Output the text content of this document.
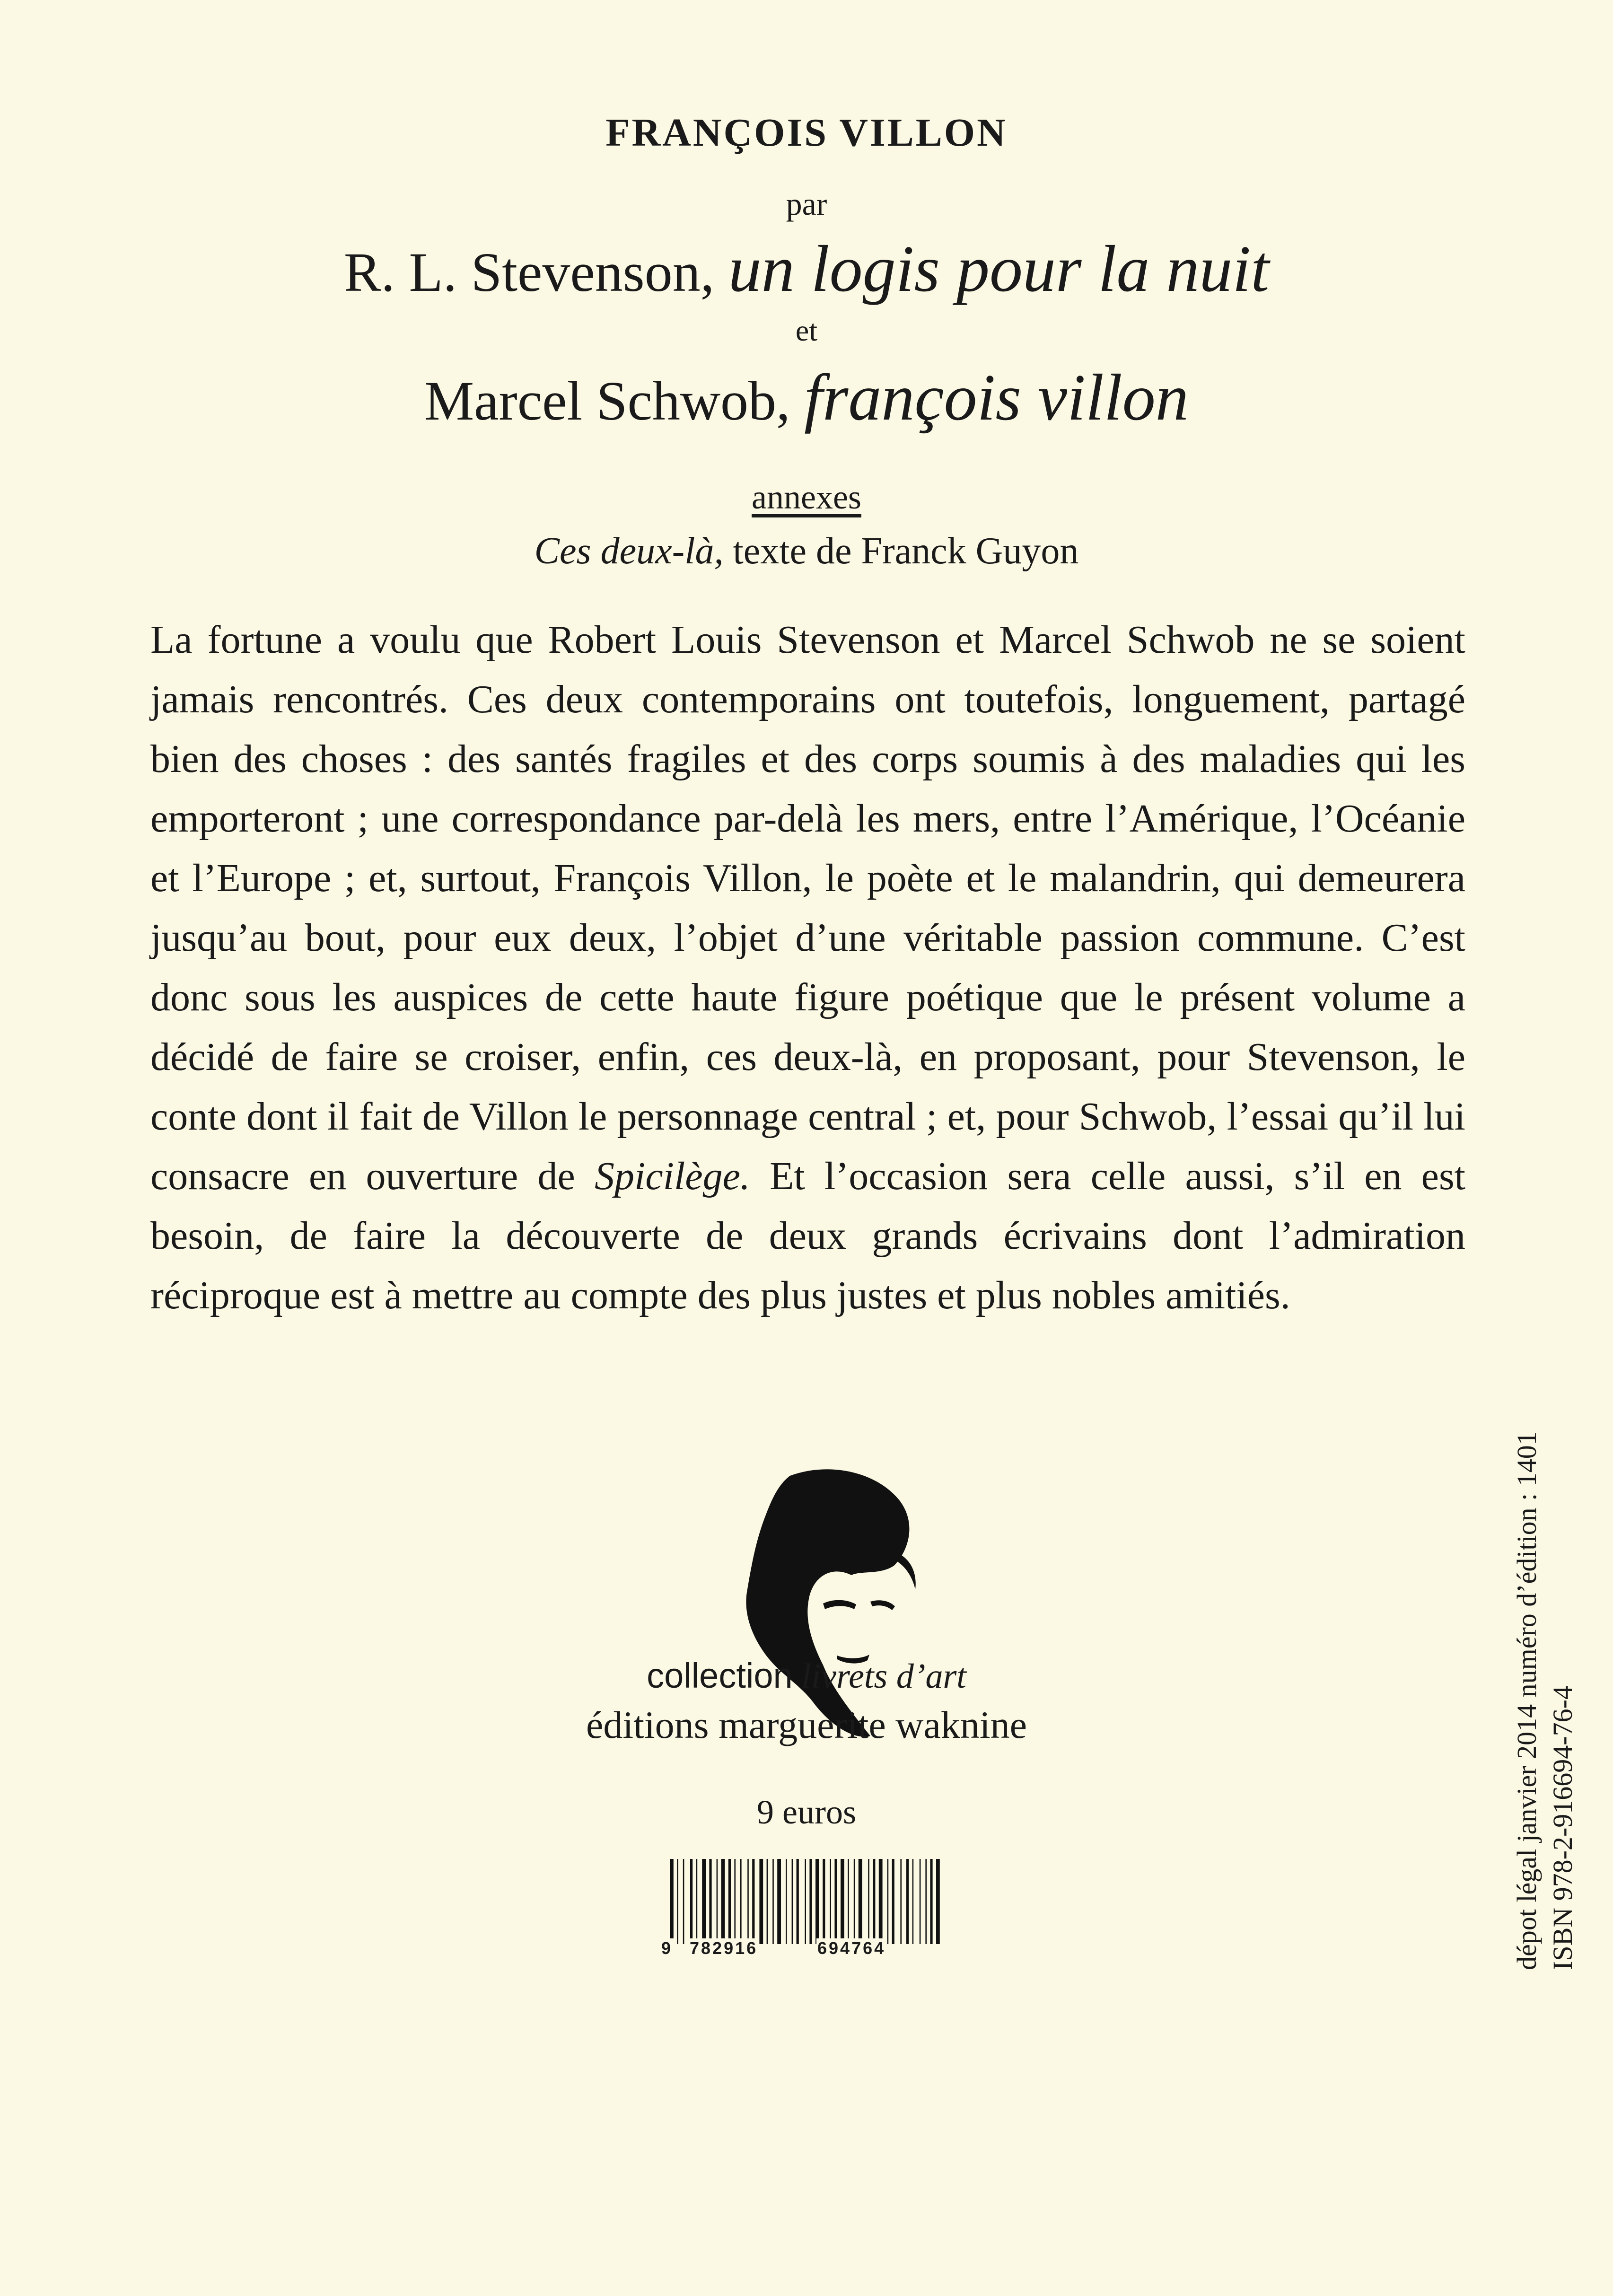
FRANÇOIS VILLON
par
R. L. Stevenson, un logis pour la nuit
et
Marcel Schwob, françois villon
annexes
Ces deux-là, texte de Franck Guyon
La fortune a voulu que Robert Louis Stevenson et Marcel Schwob ne se soient jamais rencontrés. Ces deux contemporains ont toutefois, longuement, partagé bien des choses : des santés fragiles et des corps soumis à des maladies qui les emporteront ; une correspondance par-delà les mers, entre l’Amérique, l’Océanie et l’Europe ; et, surtout, François Villon, le poète et le malandrin, qui demeurera jusqu’au bout, pour eux deux, l’objet d’une véritable passion commune. C’est donc sous les auspices de cette haute figure poétique que le présent volume a décidé de faire se croiser, enfin, ces deux-là, en proposant, pour Stevenson, le conte dont il fait de Villon le personnage central ; et, pour Schwob, l’essai qu’il lui consacre en ouverture de Spicilège. Et l’occasion sera celle aussi, s’il en est besoin, de faire la découverte de deux grands écrivains dont l’admiration réciproque est à mettre au compte des plus justes et plus nobles amitiés.
collection livrets d’art
éditions marguerite waknine
9 euros
9 782916	694764	dépot légal janvier 2014 numéro d’édition : 1401 ISBN 978-2-916694-76-4
